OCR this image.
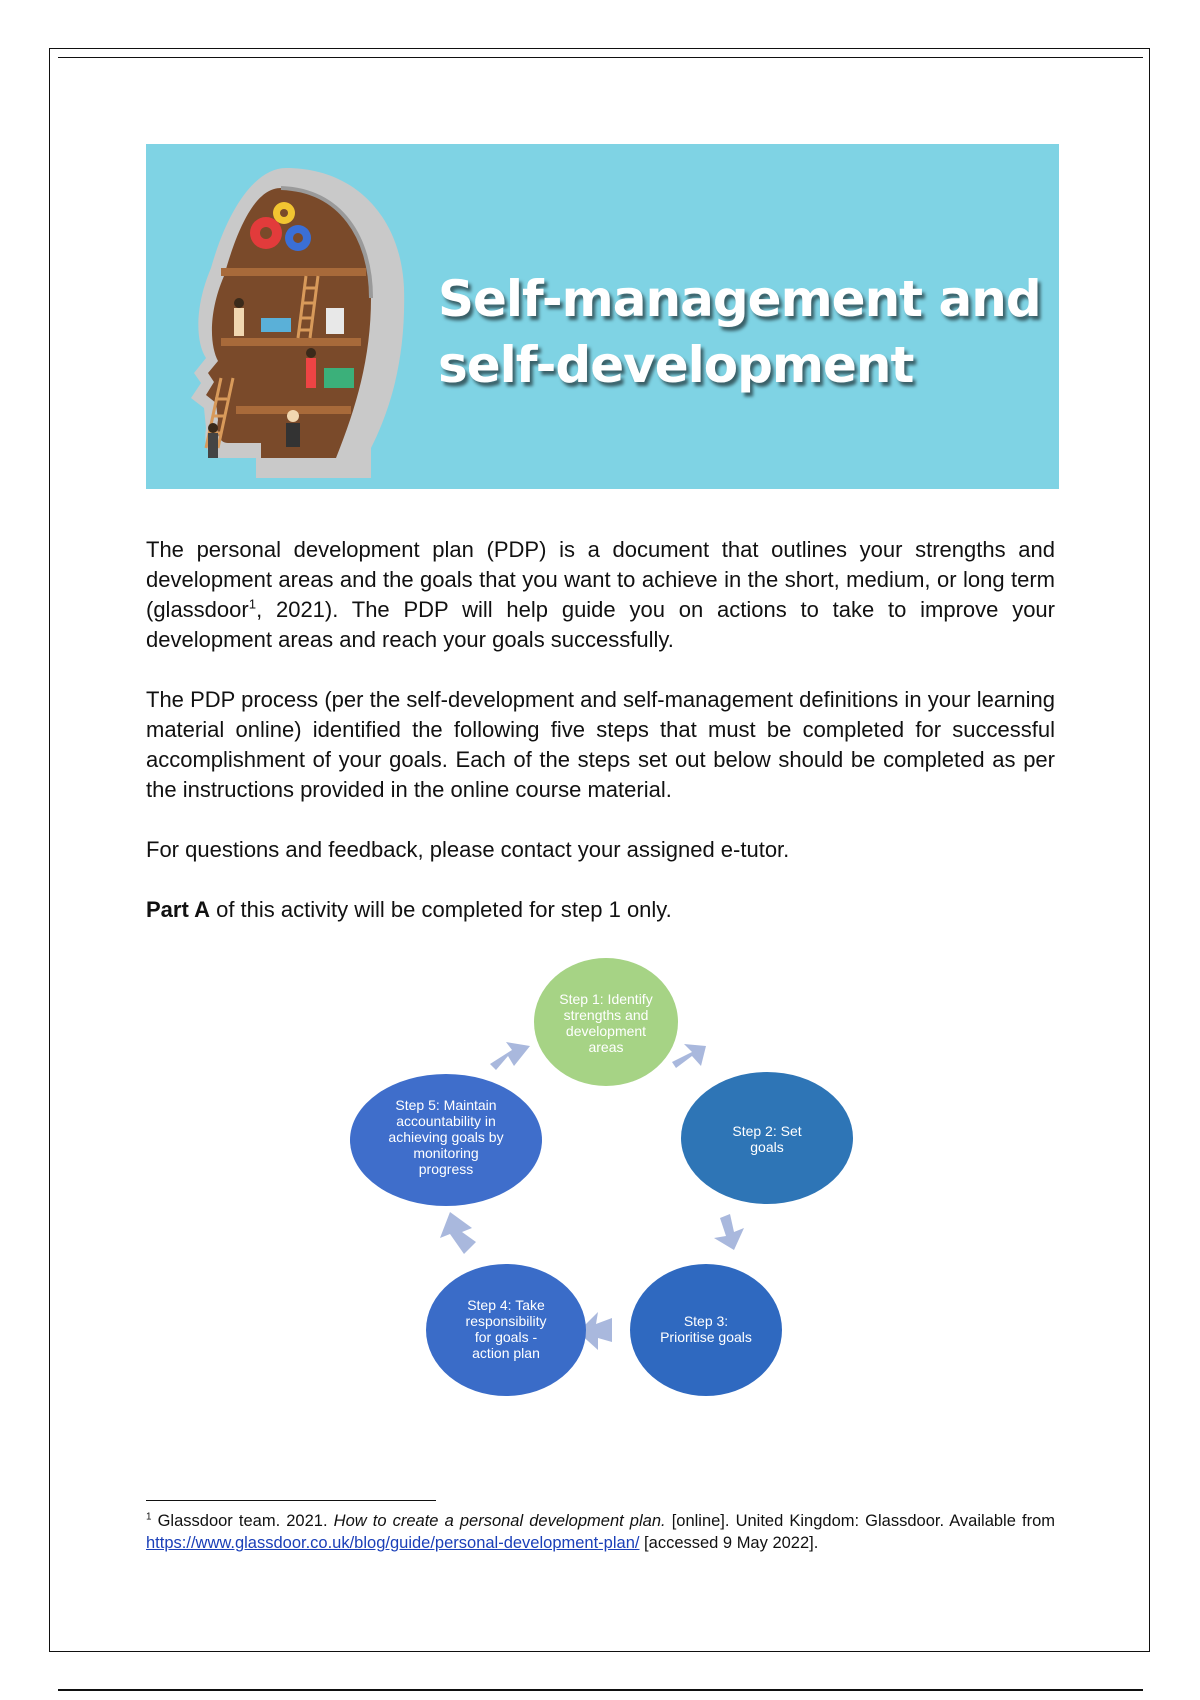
Self-management and
self-development
The personal development plan (PDP) is a document that outlines your strengths and development areas and the goals that you want to achieve in the short, medium, or long term (glassdoor$^1$, 2021). The PDP will help guide you on actions to take to improve your development areas and reach your goals successfully.
The PDP process (per the self-development and self-management definitions in your learning material online) identified the following five steps that must be completed for successful accomplishment of your goals. Each of the steps set out below should be completed as per the instructions provided in the online course material.
For questions and feedback, please contact your assigned e-tutor.
Part A of this activity will be completed for step 1 only.
Step 1: Identify
strengths and
development
areas
Step 2: Set
goals
Step 3:
Prioritise goals
Step 4: Take
responsibility
for goals -
action plan
Step 5: Maintain
accountability in
achieving goals by
monitoring
progress
$^1$ Glassdoor team. 2021. How to create a personal development plan. [online]. United Kingdom: Glassdoor. Available from https://www.glassdoor.co.uk/blog/guide/personal-development-plan/ [accessed 9 May 2022].
